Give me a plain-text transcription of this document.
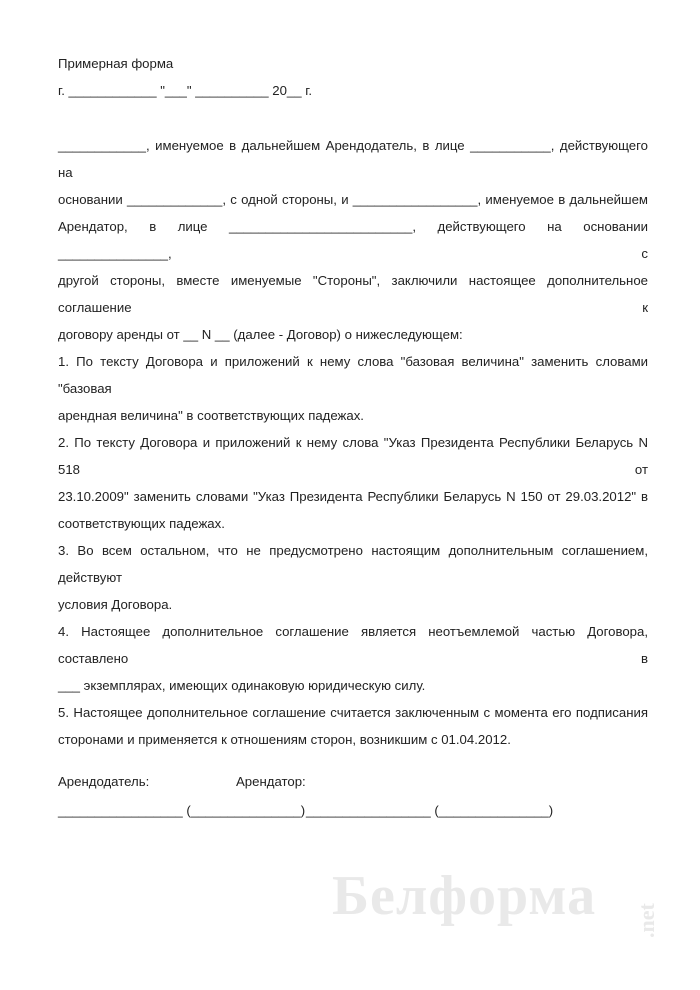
Примерная форма

г. ____________ "___" __________ 20__ г.

____________, именуемое в дальнейшем Арендодатель, в лице ___________, действующего на

основании _____________, с одной стороны, и _________________, именуемое в дальнейшем

Арендатор, в лице _________________________, действующего на основании _______________, с

другой стороны, вместе именуемые "Стороны", заключили настоящее дополнительное соглашение к

договору аренды от __ N __ (далее - Договор) о нижеследующем:

1. По тексту Договора и приложений к нему слова "базовая величина" заменить словами "базовая

арендная величина" в соответствующих падежах.

2. По тексту Договора и приложений к нему слова "Указ Президента Республики Беларусь N 518 от

23.10.2009" заменить словами "Указ Президента Республики Беларусь N 150 от 29.03.2012" в

соответствующих падежах.

3. Во всем остальном, что не предусмотрено настоящим дополнительным соглашением, действуют

условия Договора.

4. Настоящее дополнительное соглашение является неотъемлемой частью Договора, составлено в

___ экземплярах, имеющих одинаковую юридическую силу.

5. Настоящее дополнительное соглашение считается заключенным с момента его подписания

сторонами и применяется к отношениям сторон, возникшим с 01.04.2012.

Арендодатель:	Арендатор:
_________________ (_______________) _________________ (_______________)
Белформа .net
